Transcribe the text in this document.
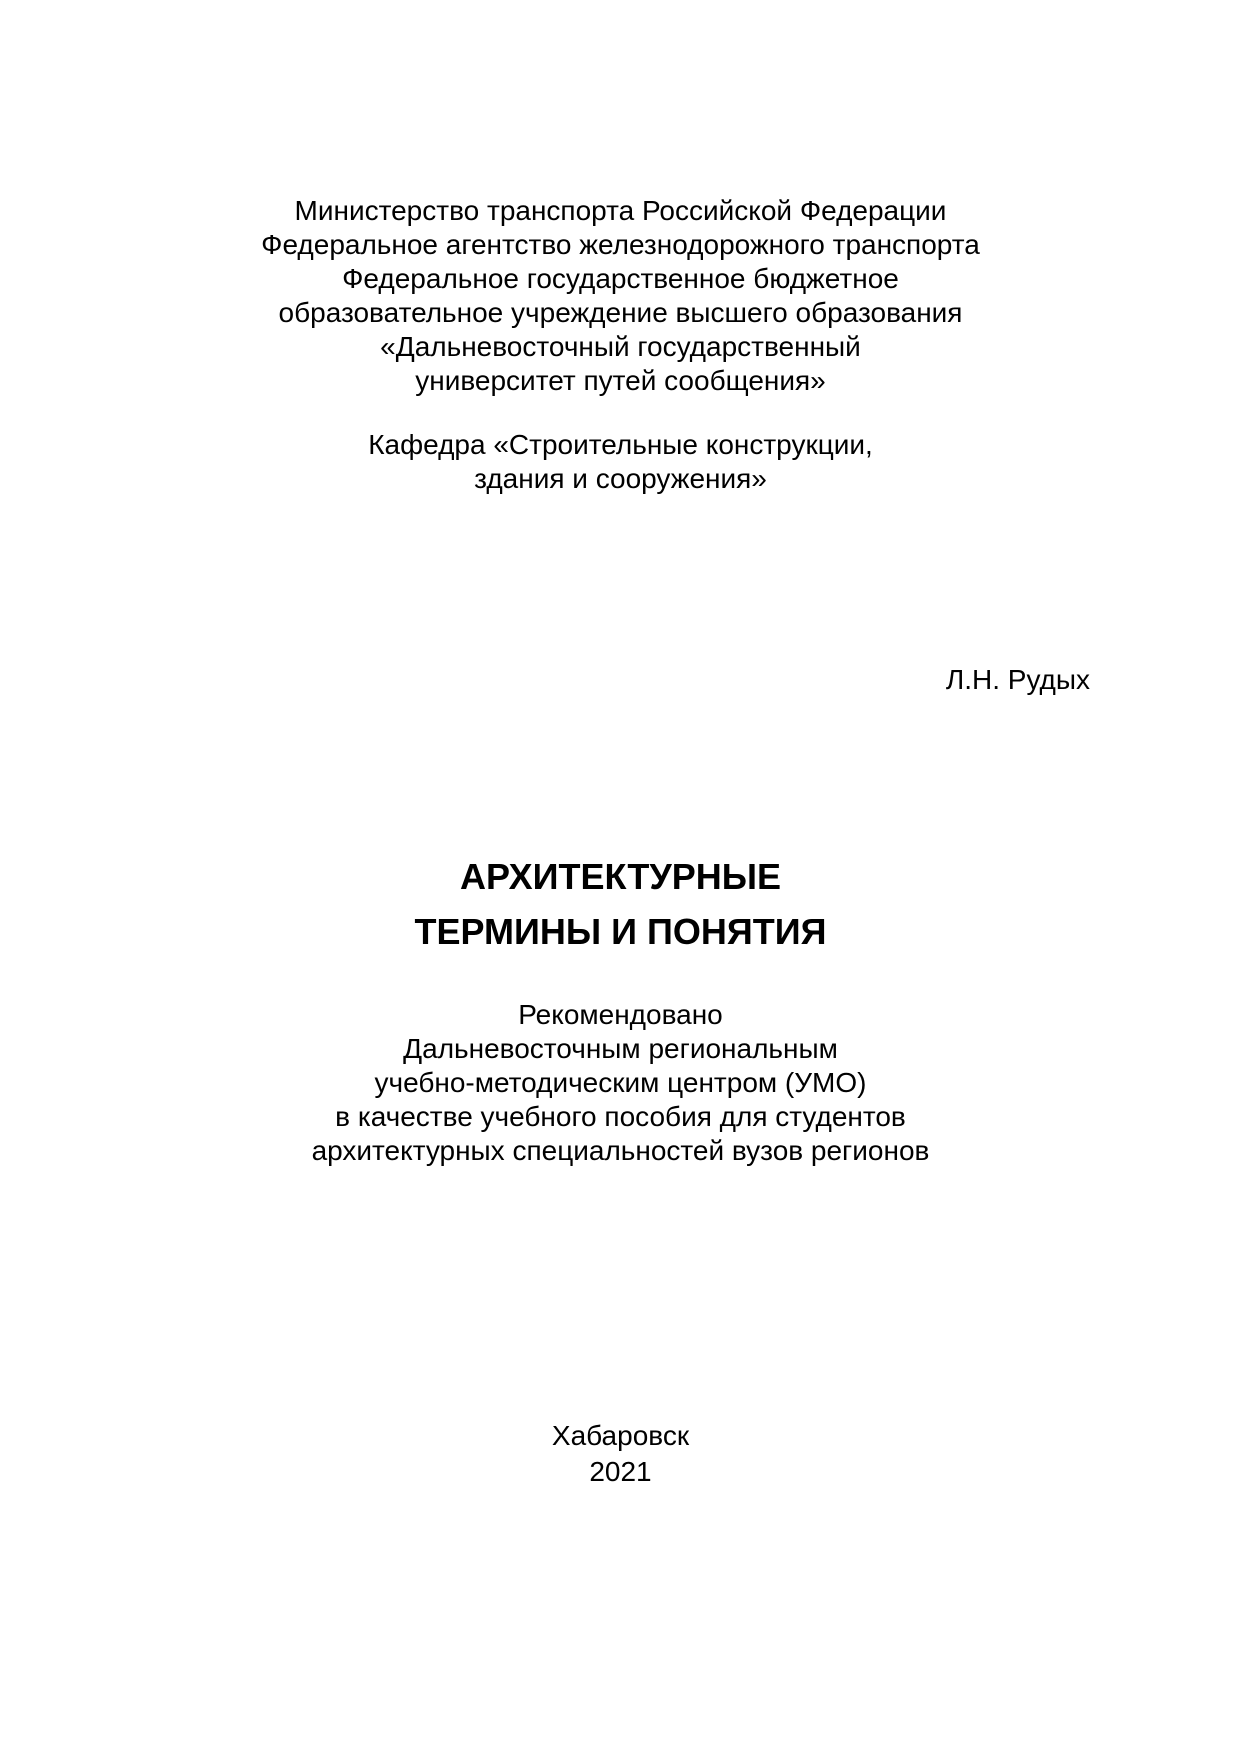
Министерство транспорта Российской Федерации
Федеральное агентство железнодорожного транспорта
Федеральное государственное бюджетное
образовательное учреждение высшего образования
«Дальневосточный государственный
университет путей сообщения»
Кафедра «Строительные конструкции,
здания и сооружения»
Л.Н. Рудых
АРХИТЕКТУРНЫЕ
ТЕРМИНЫ И ПОНЯТИЯ
Рекомендовано
Дальневосточным региональным
учебно-методическим центром (УМО)
в качестве учебного пособия для студентов
архитектурных специальностей вузов регионов
Хабаровск
2021
